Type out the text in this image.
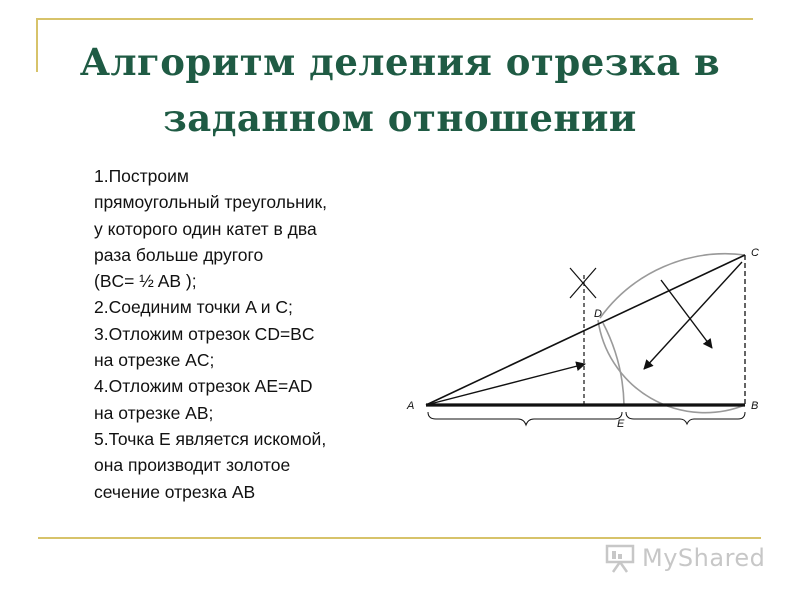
Алгоритм деления отрезка в заданном отношении
1.Построим
прямоугольный треугольник,
у которого один катет в два
раза больше другого
(BC= ½ AB );
2.Соединим точки A и C;
3.Отложим отрезок CD=BC
на отрезке AC;
4.Отложим отрезок AE=AD
на отрезке AB;
5.Точка E является искомой,
она производит золотое
сечение отрезка AB
A	B
C
D
E
MyShared
